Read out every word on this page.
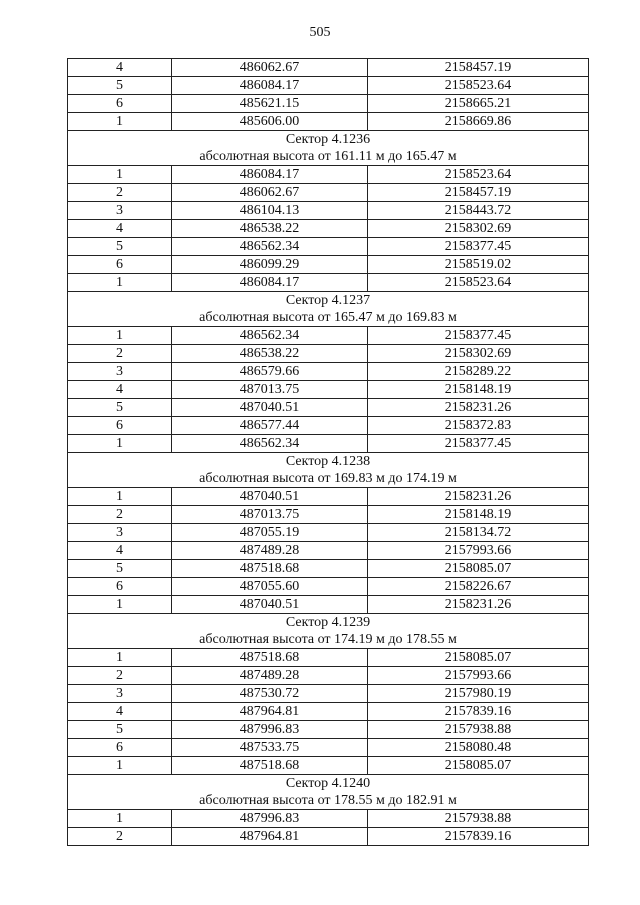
505
4	486062.67	2158457.19
5	486084.17	2158523.64
6	485621.15	2158665.21
1	485606.00	2158669.86
Сектор 4.1236		
абсолютная высота от 161.11 м до 165.47 м		
1	486084.17	2158523.64
2	486062.67	2158457.19
3	486104.13	2158443.72
4	486538.22	2158302.69
5	486562.34	2158377.45
6	486099.29	2158519.02
1	486084.17	2158523.64
Сектор 4.1237		
абсолютная высота от 165.47 м до 169.83 м		
1	486562.34	2158377.45
2	486538.22	2158302.69
3	486579.66	2158289.22
4	487013.75	2158148.19
5	487040.51	2158231.26
6	486577.44	2158372.83
1	486562.34	2158377.45
Сектор 4.1238		
абсолютная высота от 169.83 м до 174.19 м		
1	487040.51	2158231.26
2	487013.75	2158148.19
3	487055.19	2158134.72
4	487489.28	2157993.66
5	487518.68	2158085.07
6	487055.60	2158226.67
1	487040.51	2158231.26
Сектор 4.1239		
абсолютная высота от 174.19 м до 178.55 м		
1	487518.68	2158085.07
2	487489.28	2157993.66
3	487530.72	2157980.19
4	487964.81	2157839.16
5	487996.83	2157938.88
6	487533.75	2158080.48
1	487518.68	2158085.07
Сектор 4.1240		
абсолютная высота от 178.55 м до 182.91 м		
1	487996.83	2157938.88
2	487964.81	2157839.16
